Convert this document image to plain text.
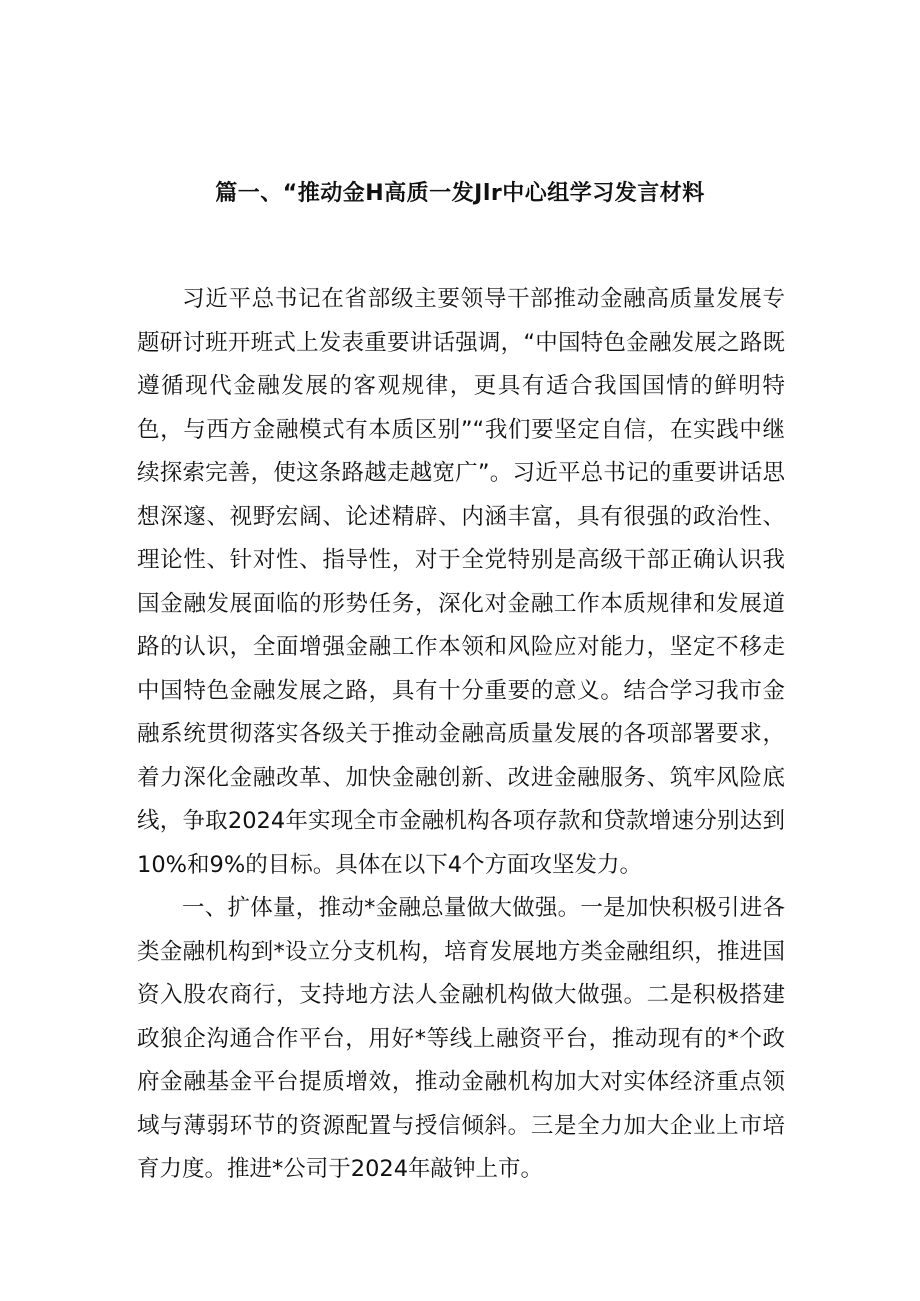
篇一、“推动金H高质一发Jlr中心组学习发言材料

习近平总书记在省部级主要领导干部推动金融高质量发展专题研讨班开班式上发表重要讲话强调，“中国特色金融发展之路既遵循现代金融发展的客观规律，更具有适合我国国情的鲜明特色，与西方金融模式有本质区别”“我们要坚定自信，在实践中继续探索完善，使这条路越走越宽广”。习近平总书记的重要讲话思想深邃、视野宏阔、论述精辟、内涵丰富，具有很强的政治性、理论性、针对性、指导性，对于全党特别是高级干部正确认识我国金融发展面临的形势任务，深化对金融工作本质规律和发展道路的认识，全面增强金融工作本领和风险应对能力，坚定不移走中国特色金融发展之路，具有十分重要的意义。结合学习我市金融系统贯彻落实各级关于推动金融高质量发展的各项部署要求，着力深化金融改革、加快金融创新、改进金融服务、筑牢风险底线，争取2024年实现全市金融机构各项存款和贷款增速分别达到10%和9%的目标。具体在以下4个方面攻坚发力。

一、扩体量，推动*金融总量做大做强。一是加快积极引进各类金融机构到*设立分支机构，培育发展地方类金融组织，推进国资入股农商行，支持地方法人金融机构做大做强。二是积极搭建政狼企沟通合作平台，用好*等线上融资平台，推动现有的*个政府金融基金平台提质增效，推动金融机构加大对实体经济重点领域与薄弱环节的资源配置与授信倾斜。三是全力加大企业上市培育力度。推进*公司于2024年敲钟上市。
